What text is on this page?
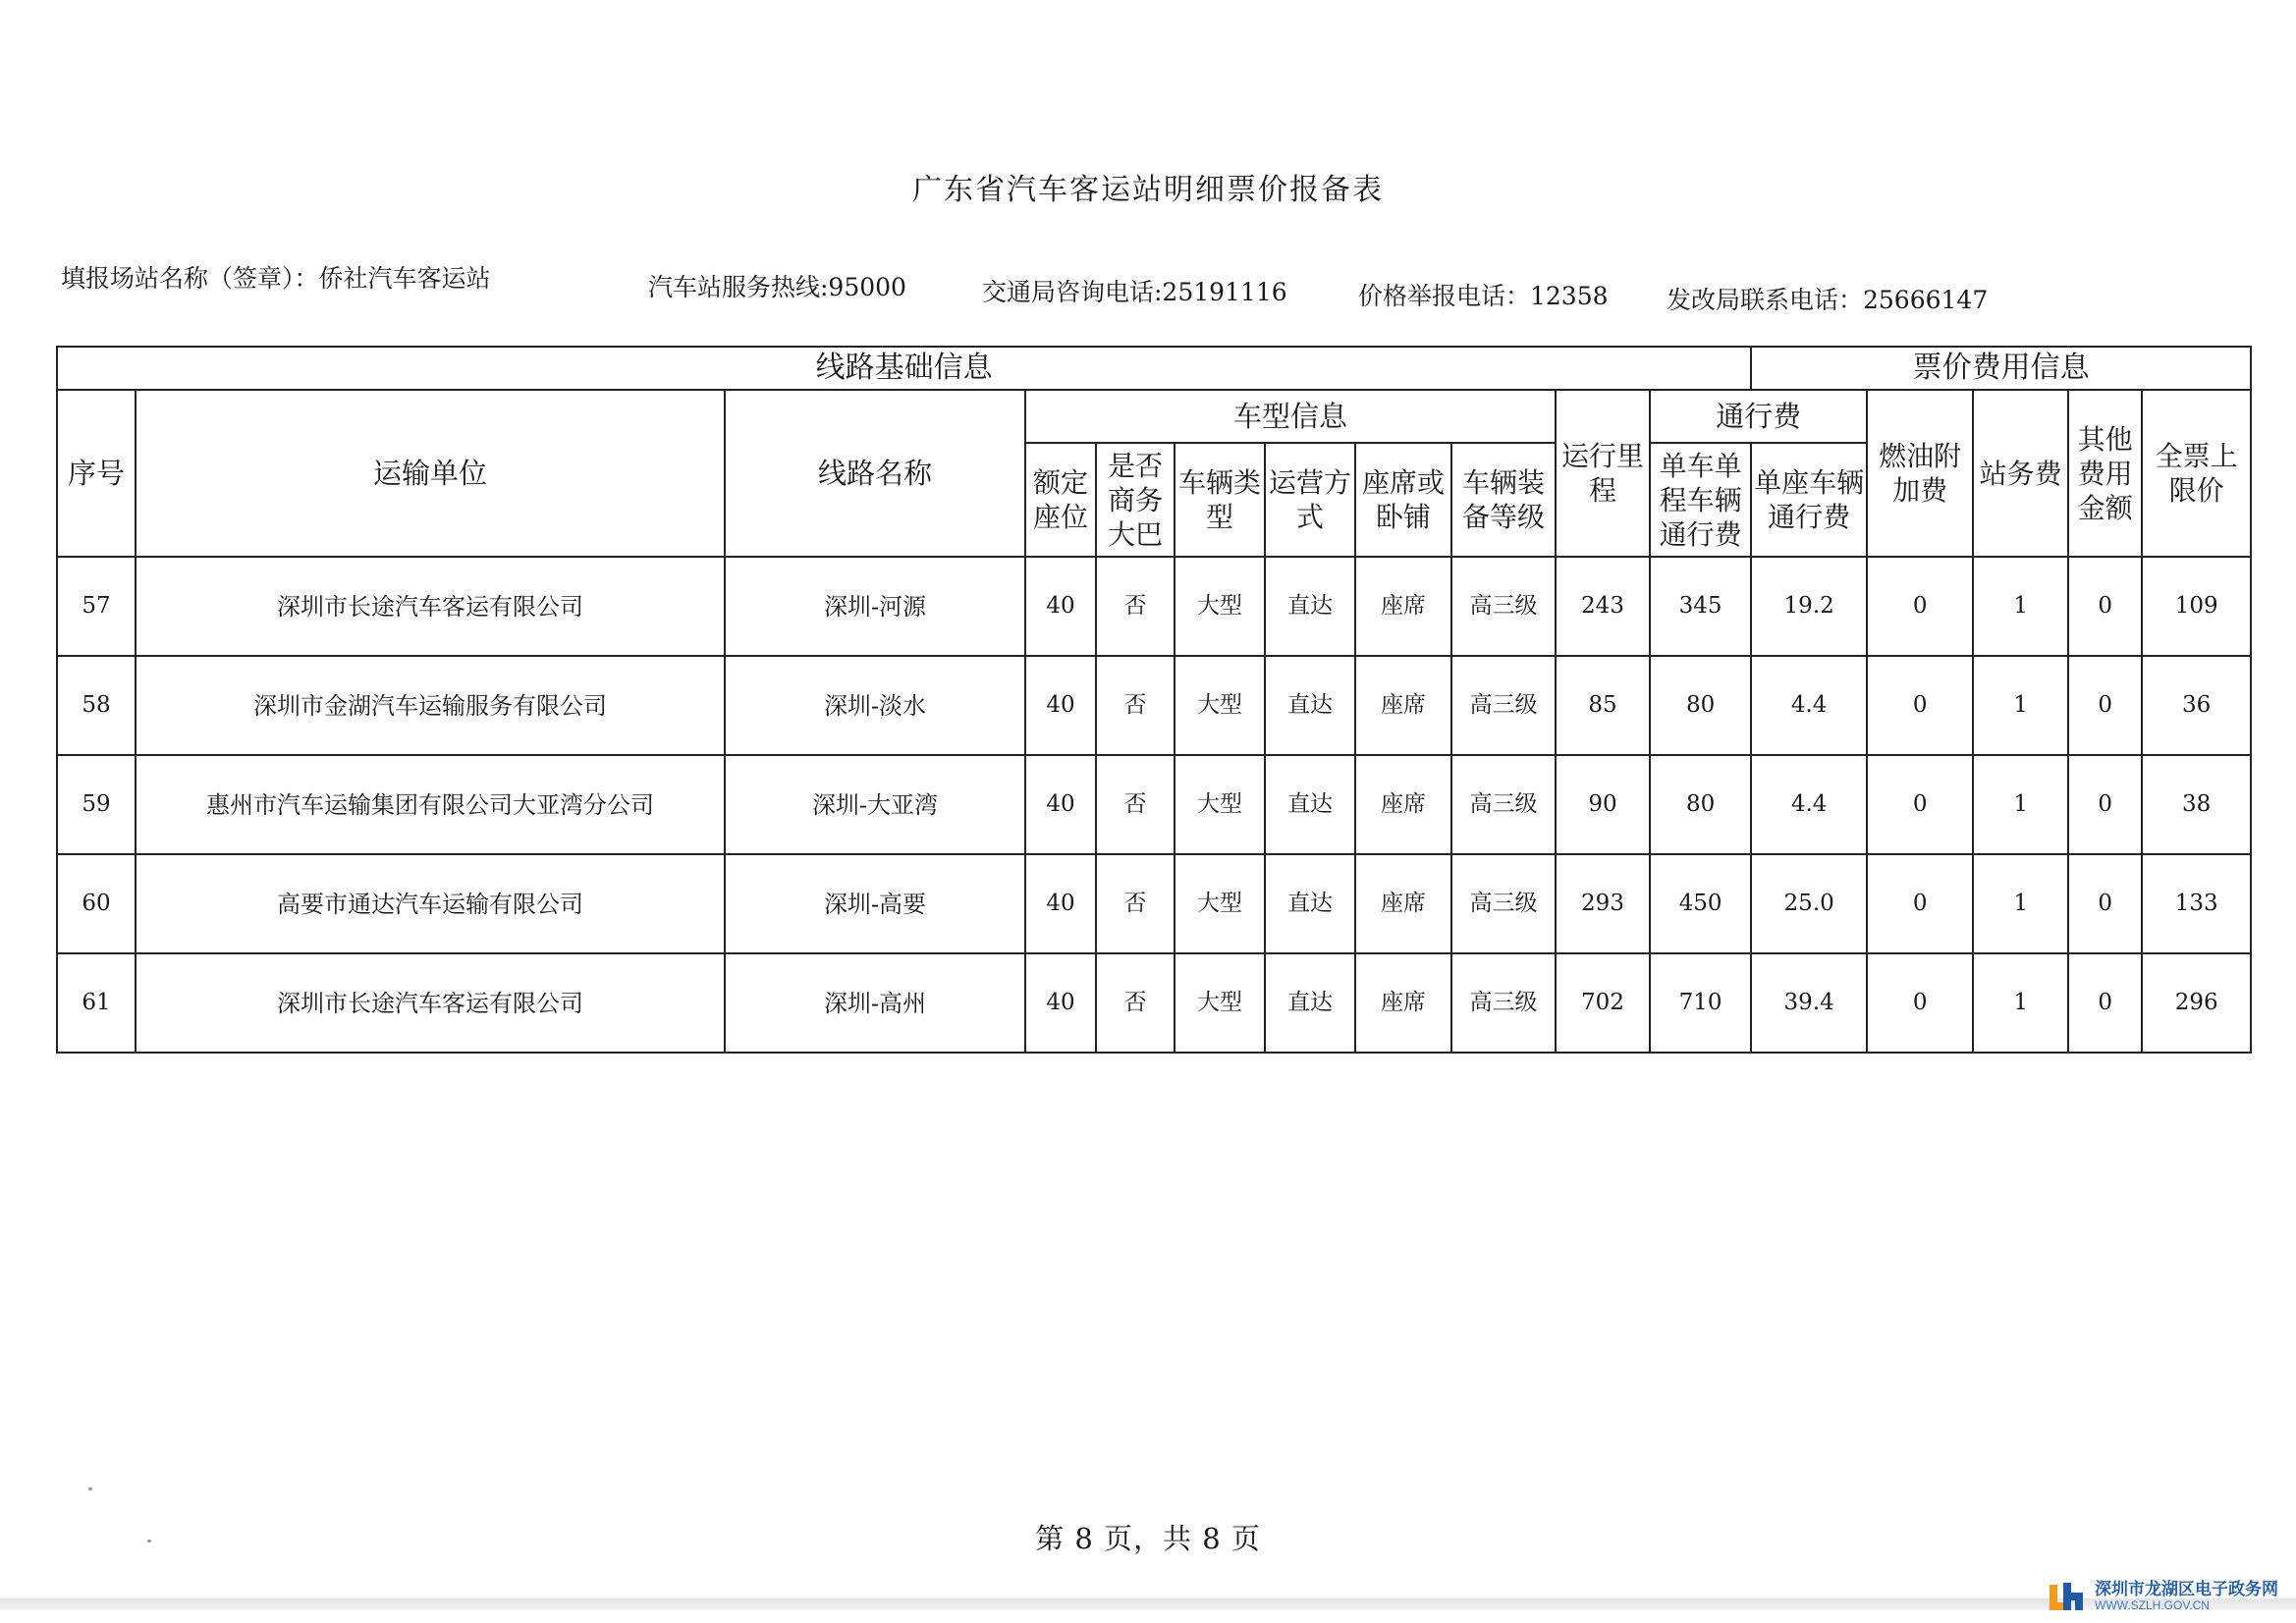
广东省汽车客运站明细票价报备表
填报场站名称（签章）：侨社汽车客运站	汽车站服务热线:95000	交通局咨询电话:25191116	价格举报电话：12358 发改局联系电话：25666147
线路基础信息											票价费用信息				
序号	运输单位	线路名称	车型信息						运行里程	通行费		燃油附加费	站务费	其他费用金额	全票上限价
			额定座位	是否商务大巴	车辆类型	运营方式	座席或卧铺	车辆装备等级		单车单程车辆通行费	单座车辆通行费				

57	深圳市长途汽车客运有限公司	深圳-河源	40	否	大型	直达	座席	高三级	243	345	19.2	0	1	0	109
58	深圳市金湖汽车运输服务有限公司	深圳-淡水	40	否	大型	直达	座席	高三级	85	80	4.4	0	1	0	36
59	惠州市汽车运输集团有限公司大亚湾分公司	深圳-大亚湾	40	否	大型	直达	座席	高三级	90	80	4.4	0	1	0	38
60	高要市通达汽车运输有限公司	深圳-高要	40	否	大型	直达	座席	高三级	293	450	25.0	0	1	0	133
61	深圳市长途汽车客运有限公司	深圳-高州	40	否	大型	直达	座席	高三级	702	710	39.4	0	1	0	296
第 8 页，共 8 页
深圳市龙湖区电子政务网
WWW.SZLH.GOV.CN
